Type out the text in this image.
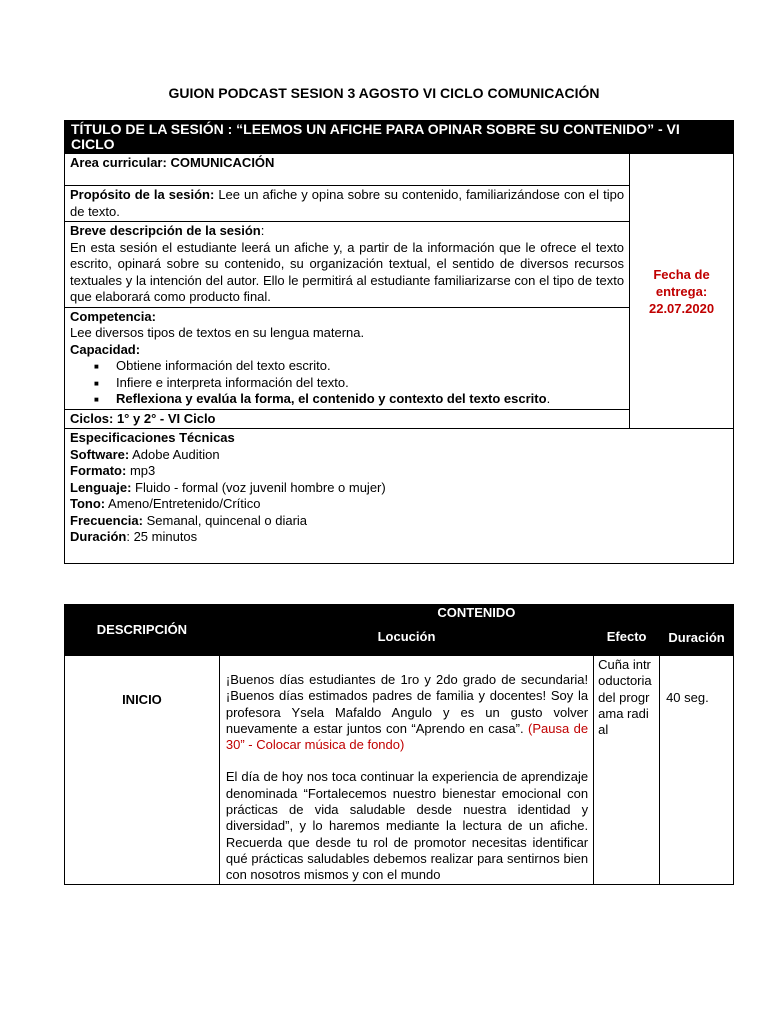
GUION PODCAST SESION 3 AGOSTO VI CICLO COMUNICACIÓN
TÍTULO DE LA SESIÓN : “LEEMOS UN AFICHE PARA OPINAR SOBRE SU CONTENIDO” - VI CICLO
Area curricular: COMUNICACIÓN	
Fecha de entrega:
22.07.2020

Propósito de la sesión: Lee un afiche y opina sobre su contenido, familiarizándose con el tipo de texto.
Breve descripción de la sesión:
En esta sesión el estudiante leerá un afiche y, a partir de la información que le ofrece el texto escrito, opinará sobre su contenido, su organización textual, el sentido de diversos recursos textuales y la intención del autor. Ello le permitirá al estudiante familiarizarse con el tipo de texto que elaborará como producto final.
Competencia:
Lee diversos tipos de textos en su lengua materna.
Capacidad:
■ Obtiene información del texto escrito.
■ Infiere e interpreta información del texto.
■ Reflexiona y evalúa la forma, el contenido y contexto del texto escrito.

Ciclos: 1° y 2° - VI Ciclo
Especificaciones Técnicas
Software: Adobe Audition
Formato: mp3
Lenguaje: Fluido - formal (voz juvenil hombre o mujer)
Tono: Ameno/Entretenido/Crítico
Frecuencia: Semanal, quincenal o diaria
Duración: 25 minutos
DESCRIPCIÓN	CONTENIDO		
	Locución	Efecto	Duración
INICIO	¡Buenos días estudiantes de 1ro y 2do grado de secundaria! ¡Buenos días estimados padres de familia y docentes! Soy la profesora Ysela Mafaldo Angulo y es un gusto volver nuevamente a estar juntos con “Aprendo en casa”. (Pausa de 30” - Colocar música de fondo)
El día de hoy nos toca continuar la experiencia de aprendizaje denominada “Fortalecemos nuestro bienestar emocional con prácticas de vida saludable desde nuestra identidad y diversidad”, y lo haremos mediante la lectura de un afiche. Recuerda que desde tu rol de promotor necesitas identificar qué prácticas saludables debemos realizar para sentirnos bien con nosotros mismos y con el mundo	Cuña introductoria del programa radial	40 seg.
